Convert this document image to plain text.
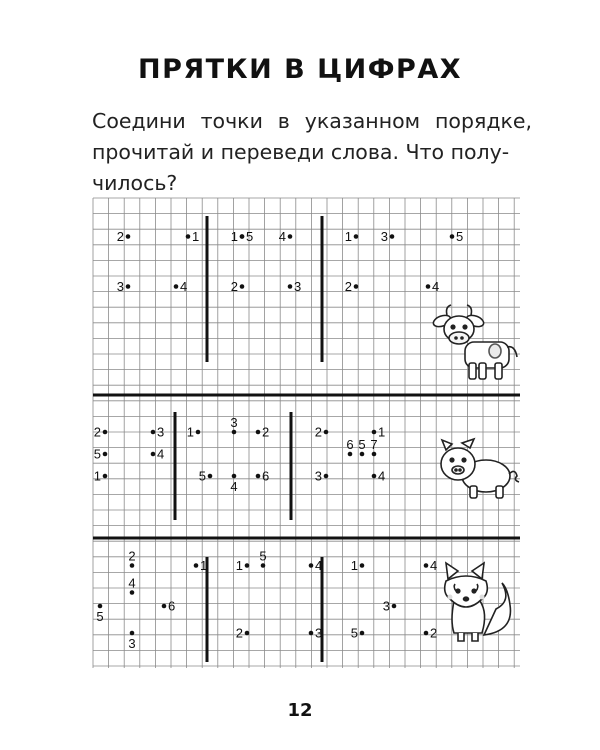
ПРЯТКИ В ЦИФРАХ
Соедини точки в указанном порядке,
прочитай и переведи слова. Что полу-
чилось?
1
2
3	4
1
2	3
4
5	1
2
3
4
5
1
2	3
4
5
1	2
3
4
5	6
1
2
3	4
5
6 7
1
2
3
4
5
6
1
2	3
4
5
1
2
3
4
5
12
